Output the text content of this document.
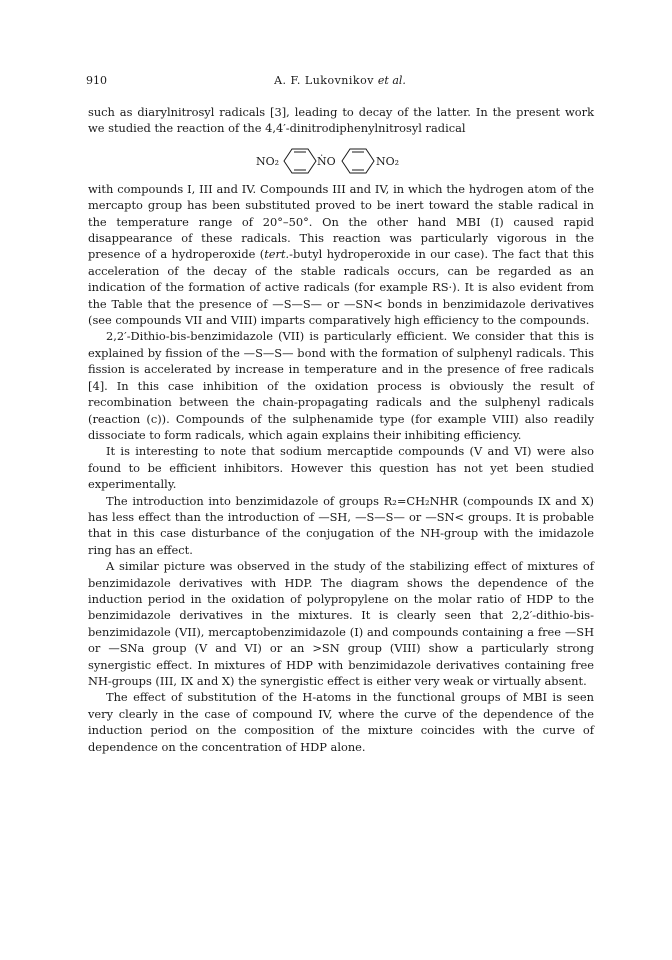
910	A. F. Lukovnikov et al.

such as diarylnitrosyl radicals [3], leading to decay of the latter. In the present work we studied the reaction of the 4,4′-dinitrodiphenylnitrosyl radical

NO₂	ṄO	NO₂

with compounds I, III and IV. Compounds III and IV, in which the hydrogen atom of the mercapto group has been substituted proved to be inert toward the stable radical in the temperature range of 20°–50°. On the other hand MBI (I) caused rapid disappearance of these radicals. This reaction was particularly vigorous in the presence of a hydroperoxide (tert.-butyl hydroperoxide in our case). The fact that this acceleration of the decay of the stable radicals occurs, can be regarded as an indication of the formation of active radicals (for example RS·). It is also evident from the Table that the presence of —S—S— or —SN< bonds in benzimidazole derivatives (see compounds VII and VIII) imparts comparatively high efficiency to the compounds.

2,2′-Dithio-bis-benzimidazole (VII) is particularly efficient. We consider that this is explained by fission of the —S—S— bond with the formation of sulphenyl radicals. This fission is accelerated by increase in temperature and in the presence of free radicals [4]. In this case inhibition of the oxidation process is obviously the result of recombination between the chain-propagating radicals and the sulphenyl radicals (reaction (c)). Compounds of the sulphenamide type (for example VIII) also readily dissociate to form radicals, which again explains their inhibiting efficiency.

It is interesting to note that sodium mercaptide compounds (V and VI) were also found to be efficient inhibitors. However this question has not yet been studied experimentally.

The introduction into benzimidazole of groups R₂=CH₂NHR (compounds IX and X) has less effect than the introduction of —SH, —S—S— or —SN< groups. It is probable that in this case disturbance of the conjugation of the NH-group with the imidazole ring has an effect.

A similar picture was observed in the study of the stabilizing effect of mixtures of benzimidazole derivatives with HDP. The diagram shows the dependence of the induction period in the oxidation of polypropylene on the molar ratio of HDP to the benzimidazole derivatives in the mixtures. It is clearly seen that 2,2′-dithio-bis-benzimidazole (VII), mercaptobenzimidazole (I) and compounds containing a free —SH or —SNa group (V and VI) or an >SN group (VIII) show a particularly strong synergistic effect. In mixtures of HDP with benzimidazole derivatives containing free NH-groups (III, IX and X) the synergistic effect is either very weak or virtually absent.

The effect of substitution of the H-atoms in the functional groups of MBI is seen very clearly in the case of compound IV, where the curve of the dependence of the induction period on the composition of the mixture coincides with the curve of dependence on the concentration of HDP alone.
